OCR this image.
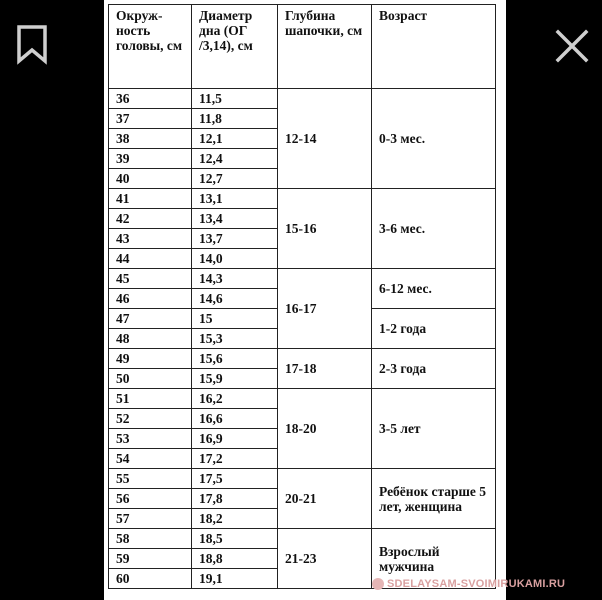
Окруж-ность головы, см	Диаметр дна (ОГ /3,14), см	Глубина шапочки, см	Возраст
36	11,5	12-14	0-3 мес.
37	11,8		
38	12,1		
39	12,4		
40	12,7		
41	13,1	15-16	3-6 мес.
42	13,4		
43	13,7		
44	14,0		
45	14,3	16-17	6-12 мес.
46	14,6		
47	15		1-2 года
48	15,3		
49	15,6	17-18	2-3 года
50	15,9		
51	16,2	18-20	3-5 лет
52	16,6		
53	16,9		
54	17,2		
55	17,5	20-21	Ребёнок старше 5 лет, женщина
56	17,8		
57	18,2		
58	18,5	21-23	Взрослый мужчина
59	18,8		
60	19,1			SDELAYSAM-SVOIMIRUKAMI.RU
